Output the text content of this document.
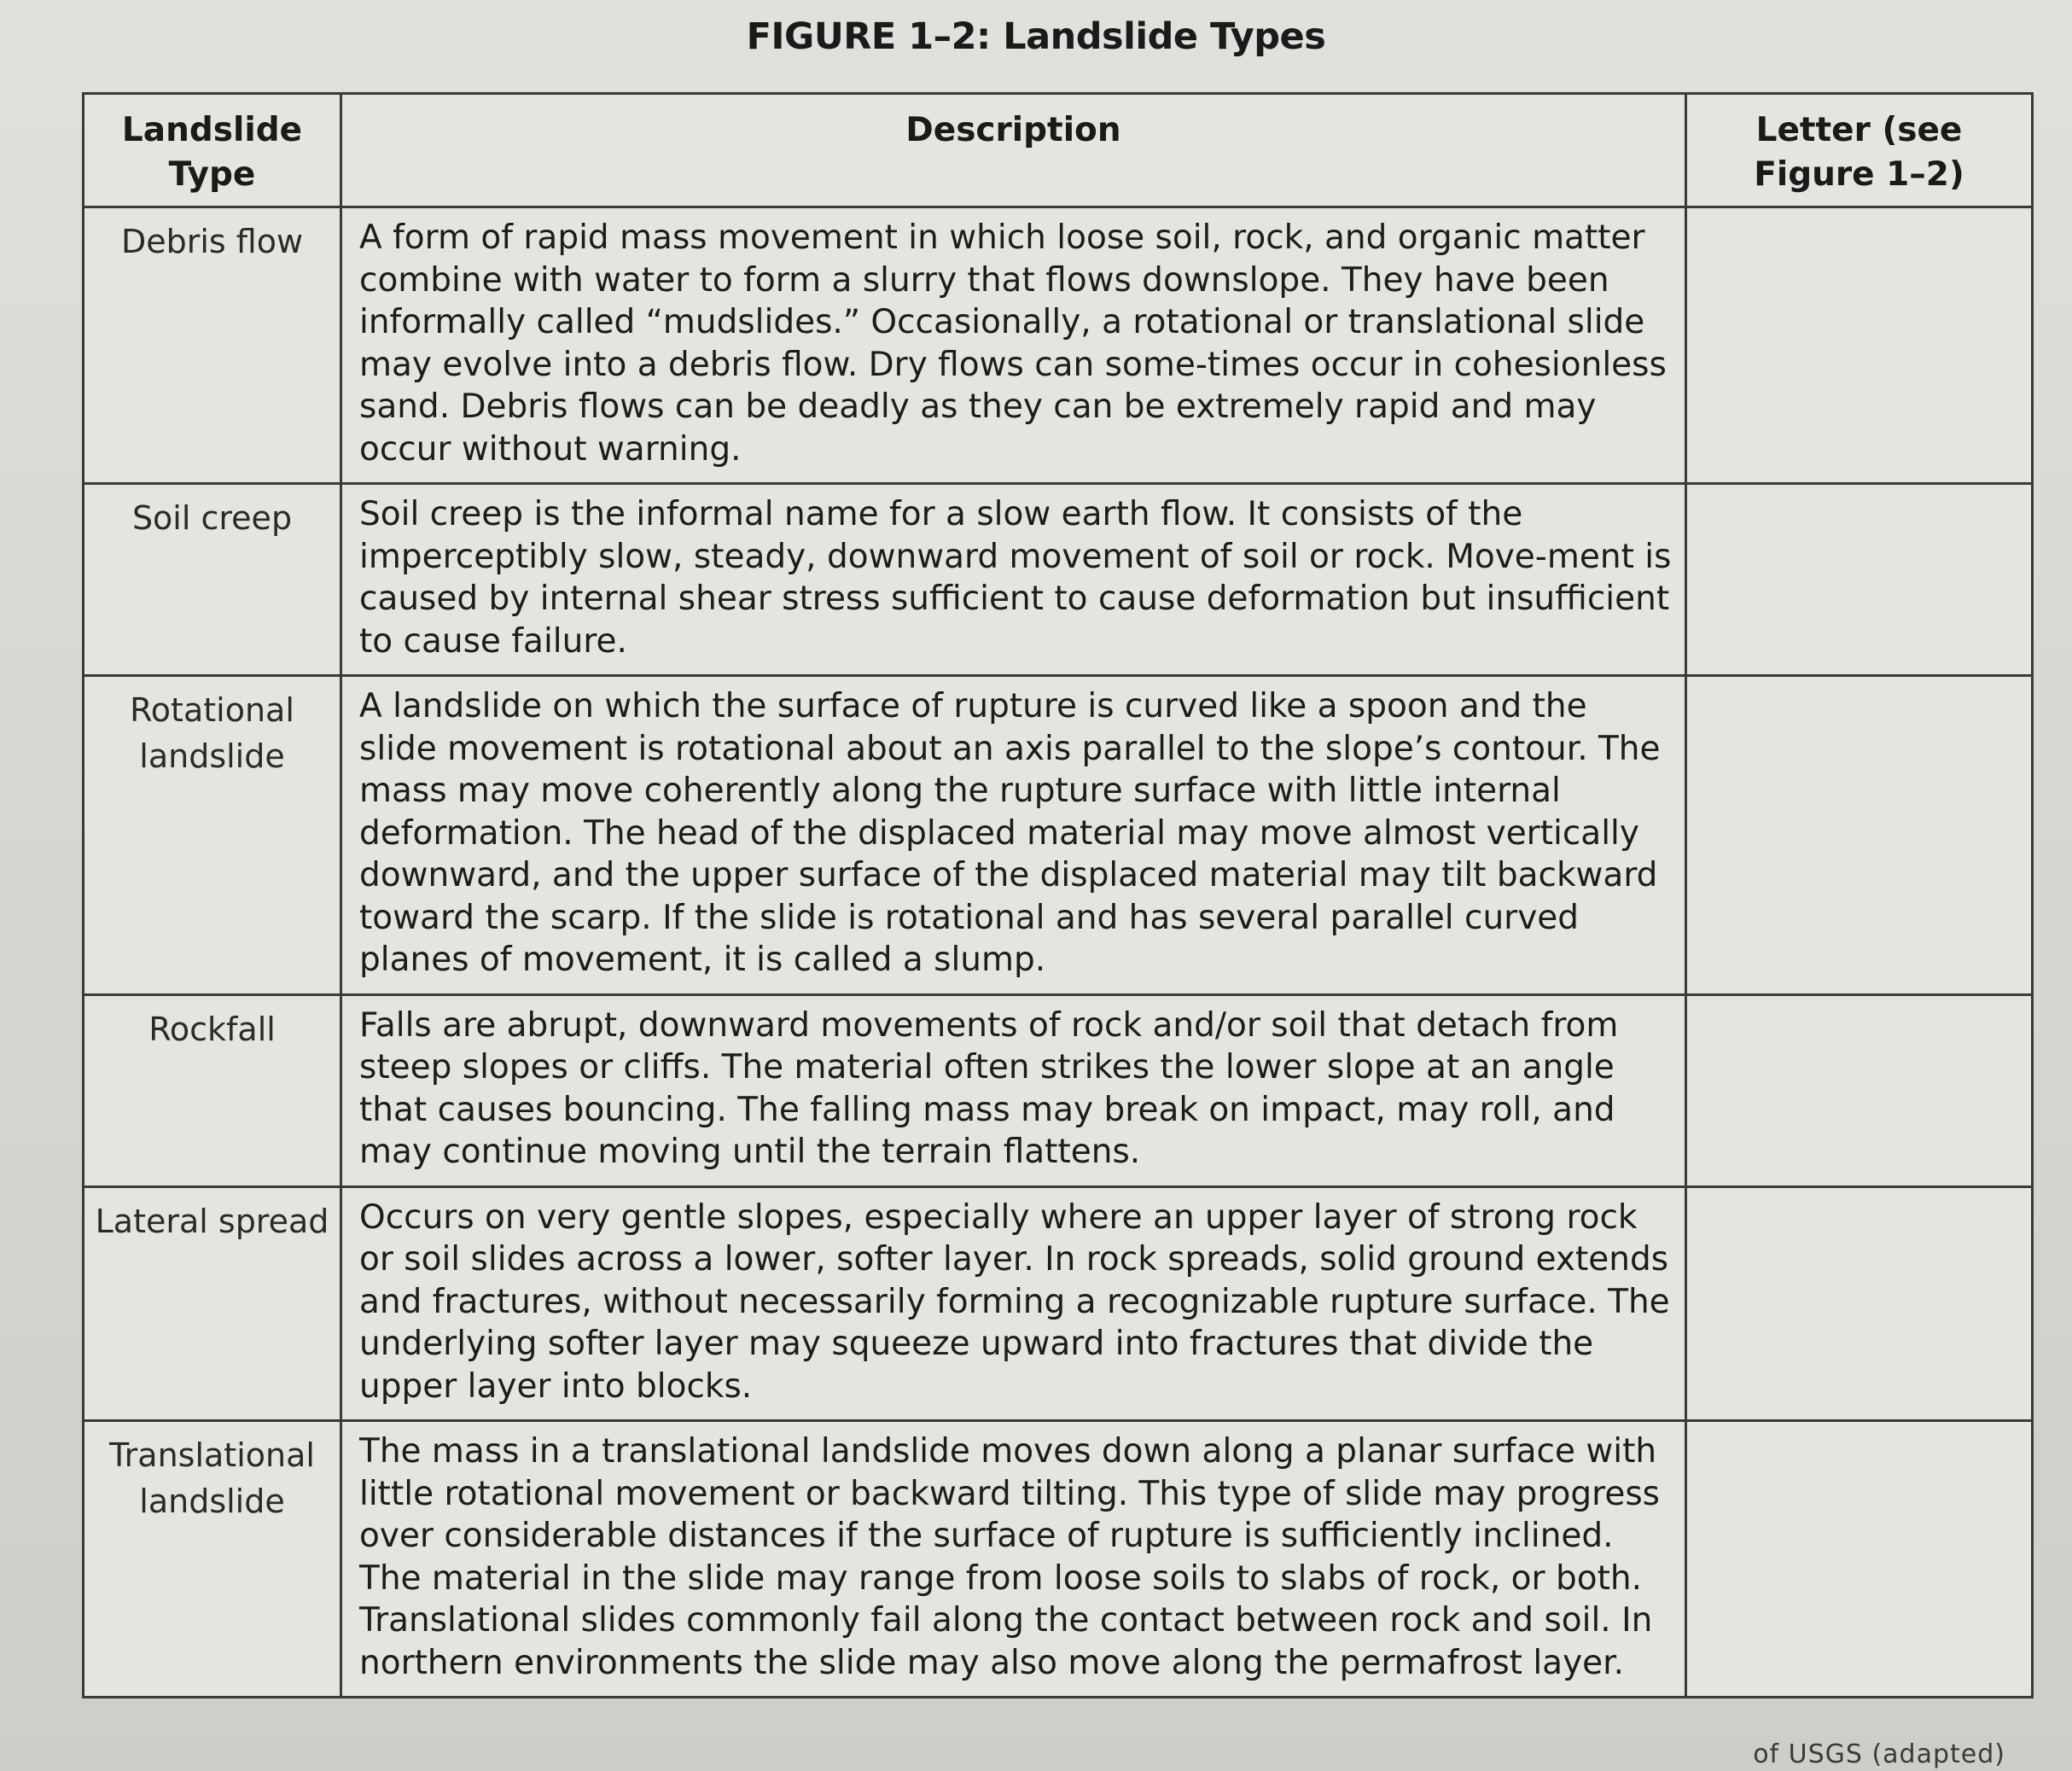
FIGURE 1–2: Landslide Types
Landslide Type	Description	Letter (see Figure 1–2)
Debris flow	A form of rapid mass movement in which loose soil, rock, and organic matter combine with water to form a slurry that flows downslope. They have been informally called “mudslides.” Occasionally, a rotational or translational slide may evolve into a debris flow. Dry flows can some-times occur in cohesionless sand. Debris flows can be deadly as they can be extremely rapid and may occur without warning.	
Soil creep	Soil creep is the informal name for a slow earth flow. It consists of the imperceptibly slow, steady, downward movement of soil or rock. Move-ment is caused by internal shear stress sufficient to cause deformation but insufficient to cause failure.	
Rotational landslide	A landslide on which the surface of rupture is curved like a spoon and the slide movement is rotational about an axis parallel to the slope’s contour. The mass may move coherently along the rupture surface with little internal deformation. The head of the displaced material may move almost vertically downward, and the upper surface of the displaced material may tilt backward toward the scarp. If the slide is rotational and has several parallel curved planes of movement, it is called a slump.	
Rockfall	Falls are abrupt, downward movements of rock and/or soil that detach from steep slopes or cliffs. The material often strikes the lower slope at an angle that causes bouncing. The falling mass may break on impact, may roll, and may continue moving until the terrain flattens.	
Lateral spread	Occurs on very gentle slopes, especially where an upper layer of strong rock or soil slides across a lower, softer layer. In rock spreads, solid ground extends and fractures, without necessarily forming a recognizable rupture surface. The underlying softer layer may squeeze upward into fractures that divide the upper layer into blocks.	
Translational landslide	The mass in a translational landslide moves down along a planar surface with little rotational movement or backward tilting. This type of slide may progress over considerable distances if the surface of rupture is sufficiently inclined. The material in the slide may range from loose soils to slabs of rock, or both. Translational slides commonly fail along the contact between rock and soil. In northern environments the slide may also move along the permafrost layer.	
of USGS (adapted)
